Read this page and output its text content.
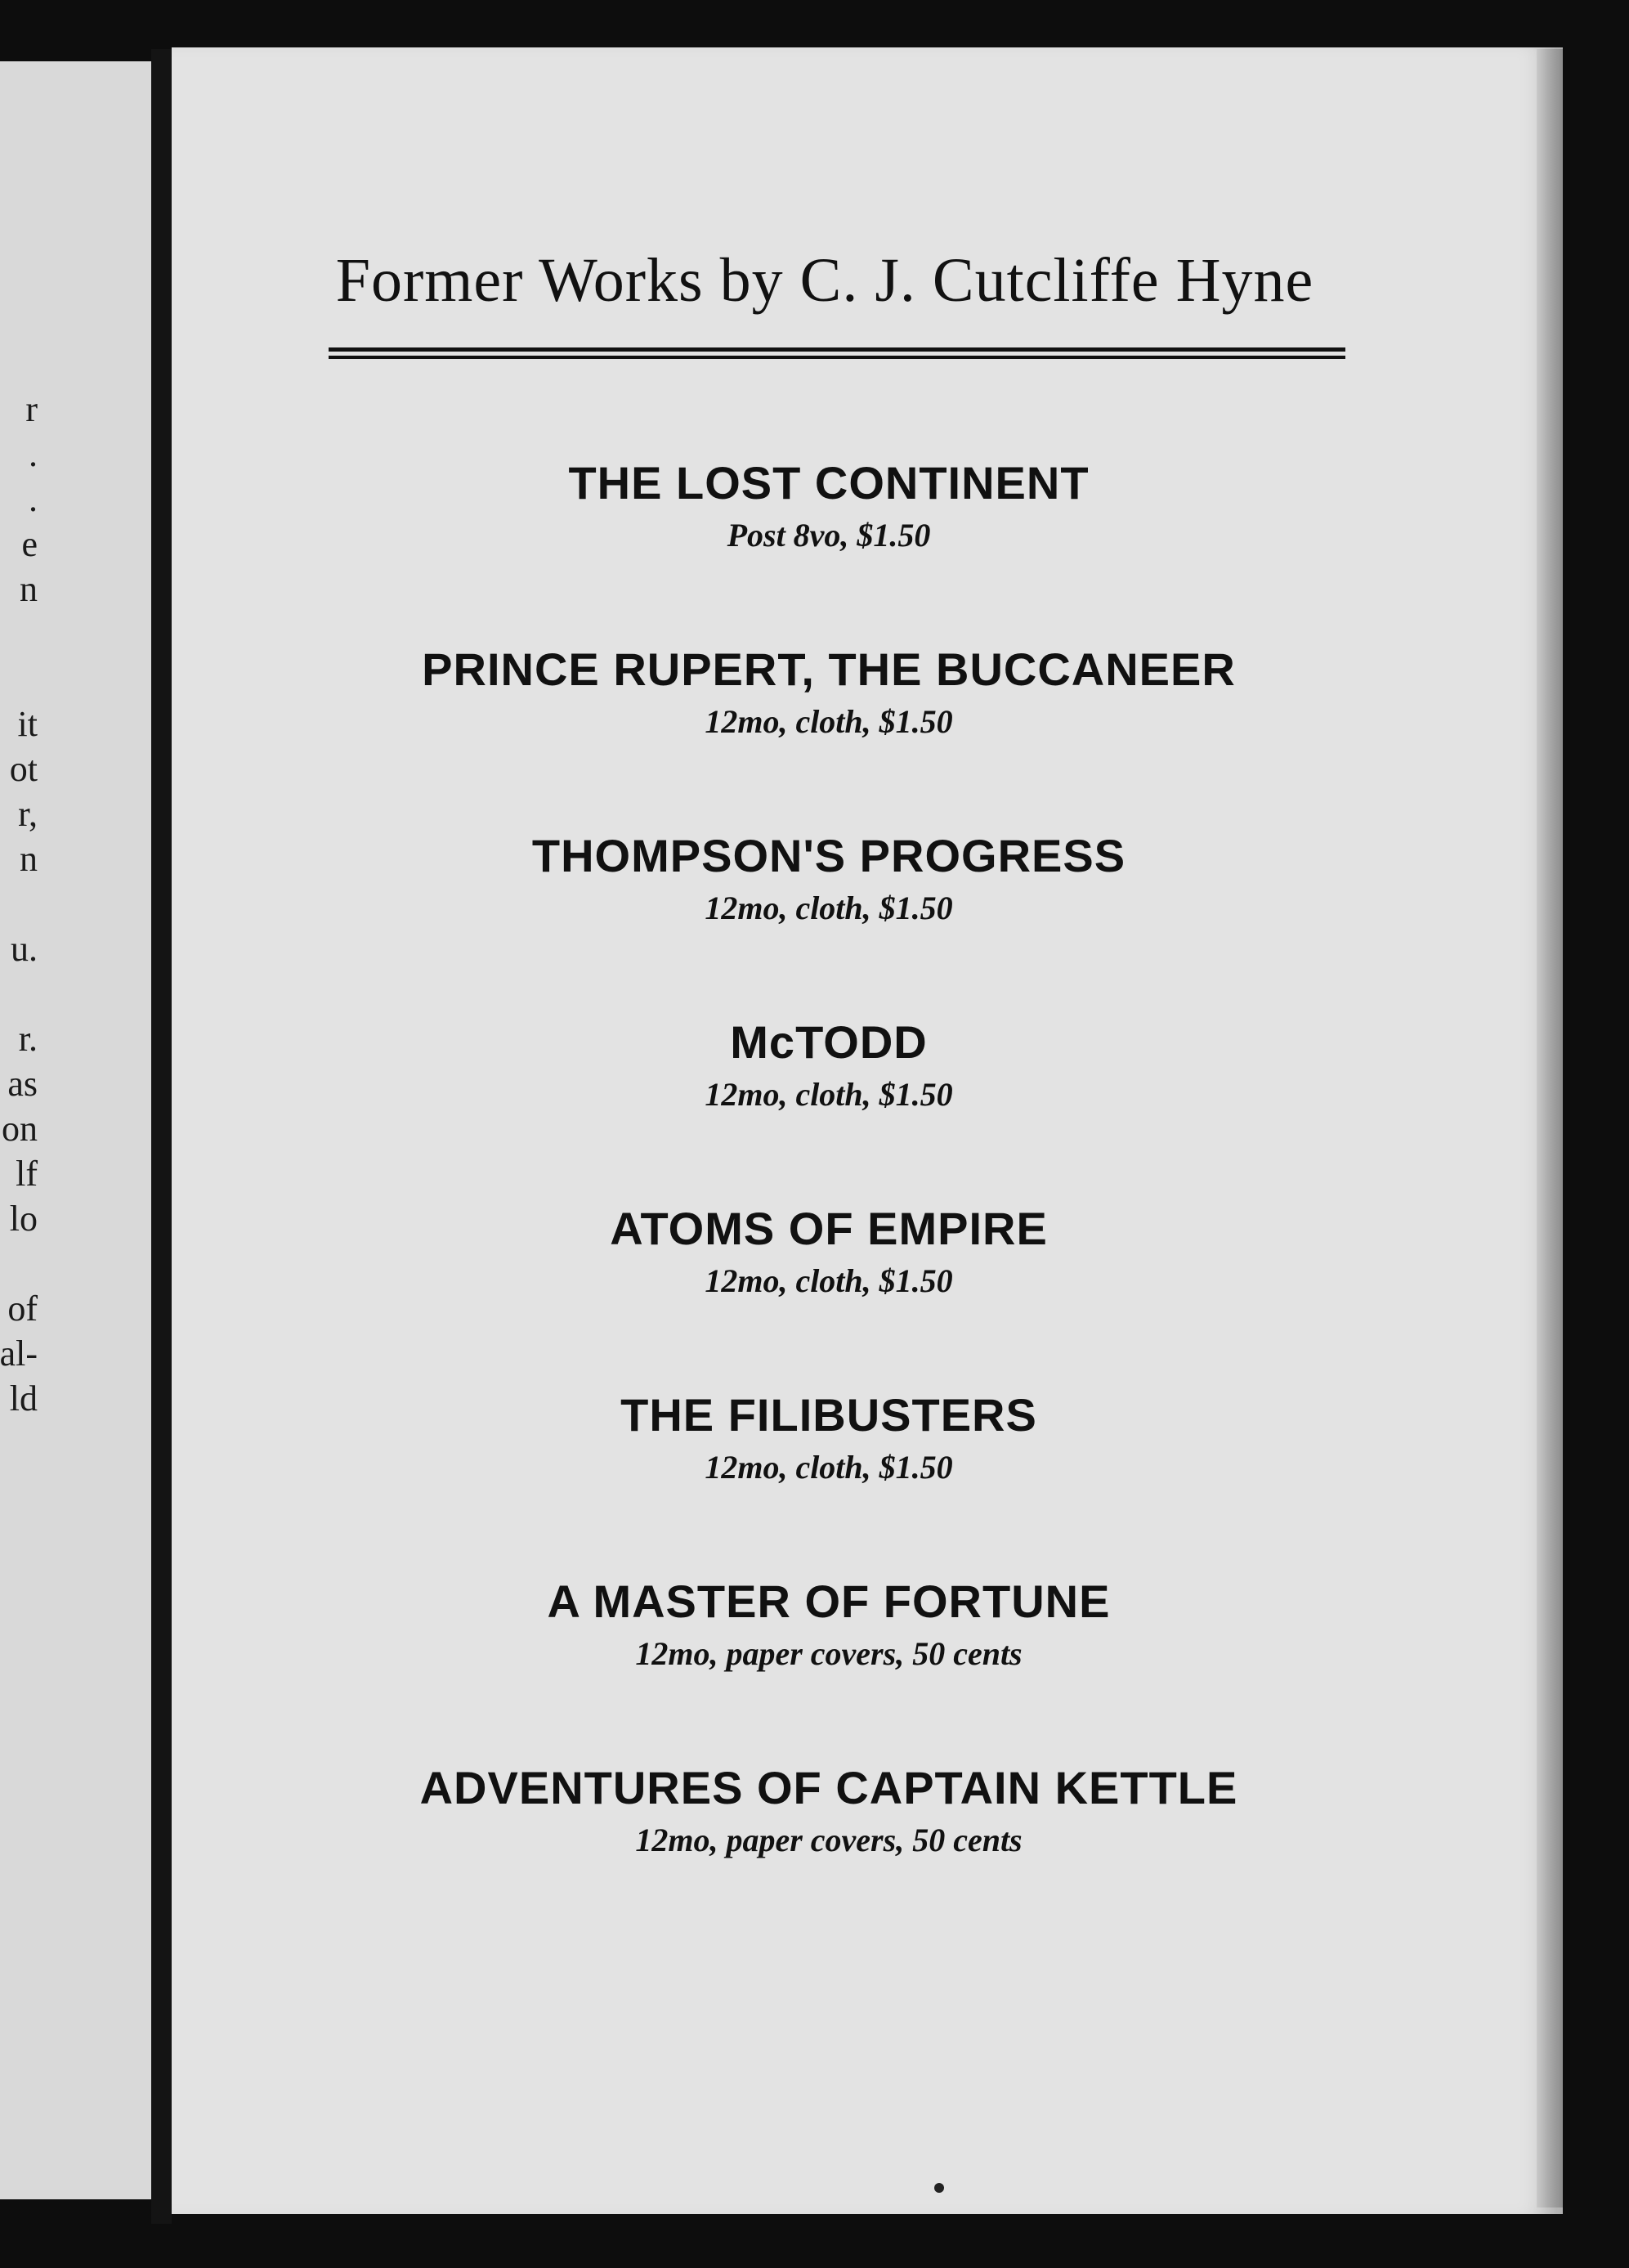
r
.
.
e
n
it
ot
r,
n
u.
r.
as
on
lf
lo
of
al-
ld
Former Works by C. J. Cutcliffe Hyne
THE LOST CONTINENT
Post 8vo, $1.50
PRINCE RUPERT, THE BUCCANEER
12mo, cloth, $1.50
THOMPSON'S PROGRESS
12mo, cloth, $1.50
McTODD
12mo, cloth, $1.50
ATOMS OF EMPIRE
12mo, cloth, $1.50
THE FILIBUSTERS
12mo, cloth, $1.50
A MASTER OF FORTUNE
12mo, paper covers, 50 cents
ADVENTURES OF CAPTAIN KETTLE
12mo, paper covers, 50 cents
